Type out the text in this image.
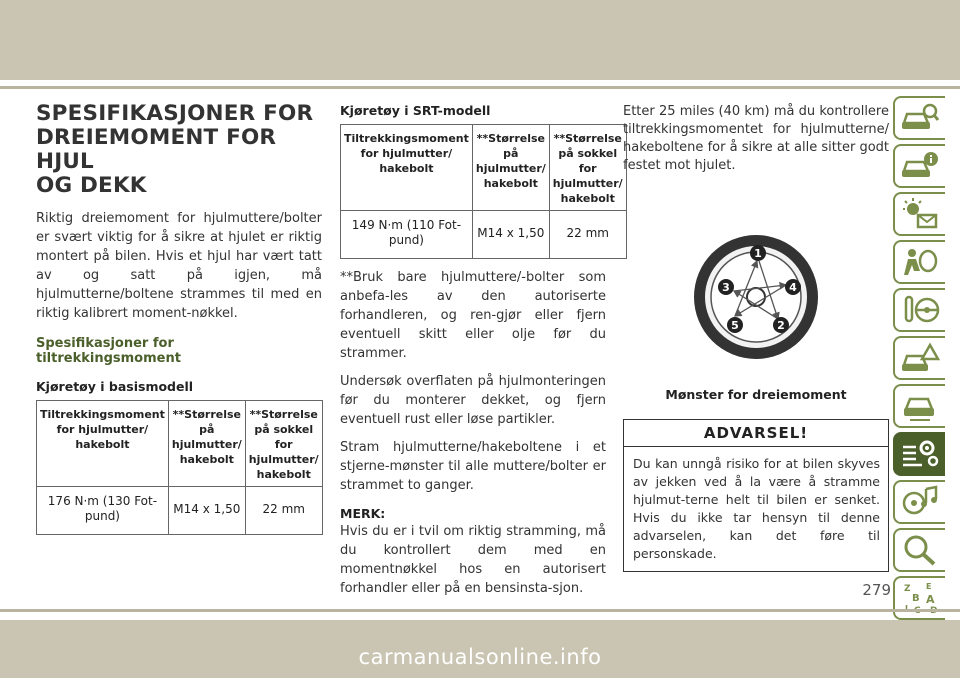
SPESIFIKASJONER FOR
DREIEMOMENT FOR HJUL
OG DEKK

Riktig dreiemoment for hjulmuttere/bolter er svært viktig for å sikre at hjulet er riktig montert på bilen. Hvis et hjul har vært tatt av og satt på igjen, må hjulmutterne/boltene strammes til med en riktig kalibrert moment-nøkkel.

Spesifikasjoner for tiltrekkingsmoment
Kjøretøy i basismodell
Tiltrekkingsmoment for hjulmutter/ hakebolt	**Størrelse på hjulmutter/ hakebolt	**Størrelse på sokkel for hjulmutter/ hakebolt
176 N·m (130 Fot-pund)	M14 x 1,50	22 mm
Kjøretøy i SRT-modell
Tiltrekkingsmoment for hjulmutter/ hakebolt	**Størrelse på hjulmutter/ hakebolt	**Størrelse på sokkel for hjulmutter/ hakebolt
149 N·m (110 Fot-pund)	M14 x 1,50	22 mm

**Bruk bare hjulmuttere/-bolter som anbefa-les av den autoriserte forhandleren, og ren-gjør eller fjern eventuell skitt eller olje før du strammer.

Undersøk overflaten på hjulmonteringen før du monterer dekket, og fjern eventuell rust eller løse partikler.

Stram hjulmutterne/hakeboltene i et stjerne-mønster til alle muttere/bolter er strammet to ganger.

MERK:

Hvis du er i tvil om riktig stramming, må du kontrollert dem med en momentnøkkel hos en autorisert forhandler eller på en bensinsta-sjon.

Etter 25 miles (40 km) må du kontrollere tiltrekkingsmomentet for hjulmutterne/ hakeboltene for å sikre at alle sitter godt festet mot hjulet.

1
2
3	4
5
Mønster for dreiemoment
ADVARSEL!
Du kan unngå risiko for at bilen skyves av jekken ved å la være å stramme hjulmut-terne helt til bilen er senket. Hvis du ikke tar hensyn til denne advarselen, kan det føre til personskade.
Z E
B A
279
carmanualsonline.info
